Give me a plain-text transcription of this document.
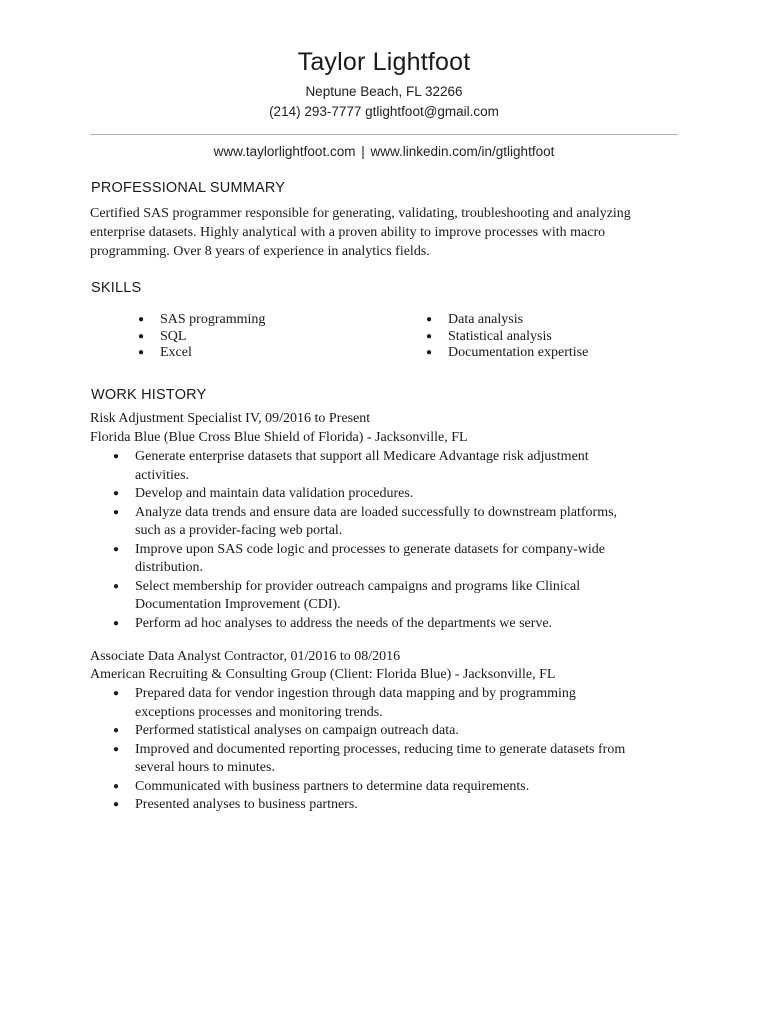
Taylor Lightfoot
Neptune Beach, FL 32266
(214) 293-7777 gtlightfoot@gmail.com
www.taylorlightfoot.com | www.linkedin.com/in/gtlightfoot
PROFESSIONAL SUMMARY
Certified SAS programmer responsible for generating, validating, troubleshooting and analyzing
enterprise datasets. Highly analytical with a proven ability to improve processes with macro
programming. Over 8 years of experience in analytics fields.
SKILLS
● SAS programming
● SQL
● Excel
● Data analysis
● Statistical analysis
● Documentation expertise
WORK HISTORY
Risk Adjustment Specialist IV, 09/2016 to Present
Florida Blue (Blue Cross Blue Shield of Florida) - Jacksonville, FL
● Generate enterprise datasets that support all Medicare Advantage risk adjustment
activities.
● Develop and maintain data validation procedures.
● Analyze data trends and ensure data are loaded successfully to downstream platforms,
such as a provider-facing web portal.
● Improve upon SAS code logic and processes to generate datasets for company-wide
distribution.
● Select membership for provider outreach campaigns and programs like Clinical
Documentation Improvement (CDI).
● Perform ad hoc analyses to address the needs of the departments we serve.
Associate Data Analyst Contractor, 01/2016 to 08/2016
American Recruiting & Consulting Group (Client: Florida Blue) - Jacksonville, FL
● Prepared data for vendor ingestion through data mapping and by programming
exceptions processes and monitoring trends.
● Performed statistical analyses on campaign outreach data.
● Improved and documented reporting processes, reducing time to generate datasets from
several hours to minutes.
● Communicated with business partners to determine data requirements.
● Presented analyses to business partners.
